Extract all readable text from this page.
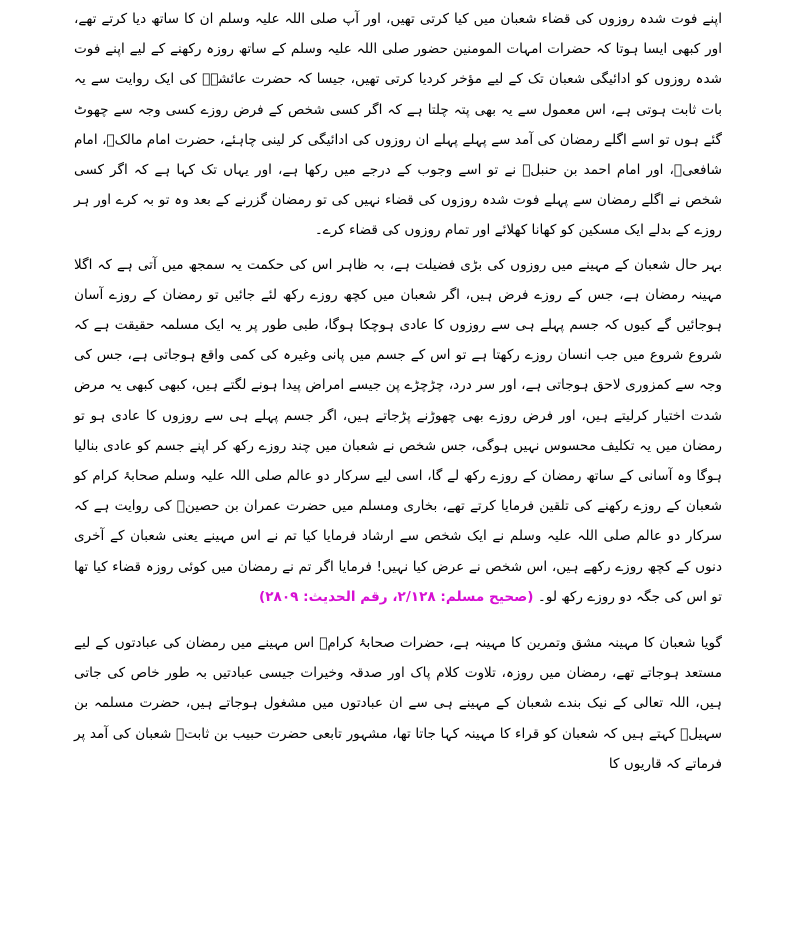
اپنے فوت شدہ روزوں کی قضاء شعبان میں کیا کرتی تھیں، اور آپ صلی اللہ علیہ وسلم ان کا ساتھ دیا کرتے تھے، اور کبھی ایسا ہوتا کہ حضرات امہات المومنین حضور صلی اللہ علیہ وسلم کے ساتھ روزہ رکھنے کے لیے اپنے فوت شدہ روزوں کو ادائیگی شعبان تک کے لیے مؤخر کردیا کرتی تھیں، جیسا کہ حضرت عائشہؓ کی ایک روایت سے یہ بات ثابت ہوتی ہے، اس معمول سے یہ بھی پتہ چلتا ہے کہ اگر کسی شخص کے فرض روزے کسی وجہ سے چھوٹ گئے ہوں تو اسے اگلے رمضان کی آمد سے پہلے پہلے ان روزوں کی ادائیگی کر لینی چاہئے، حضرت امام مالکؒ، امام شافعیؒ، اور امام احمد بن حنبلؒ نے تو اسے وجوب کے درجے میں رکھا ہے، اور یہاں تک کہا ہے کہ اگر کسی شخص نے اگلے رمضان سے پہلے فوت شدہ روزوں کی قضاء نہیں کی تو رمضان گزرنے کے بعد وہ تو بہ کرے اور ہر روزے کے بدلے ایک مسکین کو کھانا کھلائے اور تمام روزوں کی قضاء کرے۔

بہر حال شعبان کے مہینے میں روزوں کی بڑی فضیلت ہے، بہ ظاہر اس کی حکمت یہ سمجھ میں آتی ہے کہ اگلا مہینہ رمضان ہے، جس کے روزے فرض ہیں، اگر شعبان میں کچھ روزے رکھ لئے جائیں تو رمضان کے روزے آسان ہوجائیں گے کیوں کہ جسم پہلے ہی سے روزوں کا عادی ہوچکا ہوگا، طبی طور پر یہ ایک مسلمہ حقیقت ہے کہ شروع شروع میں جب انسان روزے رکھتا ہے تو اس کے جسم میں پانی وغیرہ کی کمی واقع ہوجاتی ہے، جس کی وجہ سے کمزوری لاحق ہوجاتی ہے، اور سر درد، چڑچڑے پن جیسے امراض پیدا ہونے لگتے ہیں، کبھی کبھی یہ مرض شدت اختیار کرلیتے ہیں، اور فرض روزے بھی چھوڑنے پڑجاتے ہیں، اگر جسم پہلے ہی سے روزوں کا عادی ہو تو رمضان میں یہ تکلیف محسوس نہیں ہوگی، جس شخص نے شعبان میں چند روزے رکھ کر اپنے جسم کو عادی بنالیا ہوگا وہ آسانی کے ساتھ رمضان کے روزے رکھ لے گا، اسی لیے سرکار دو عالم صلی اللہ علیہ وسلم صحابۂ کرام کو شعبان کے روزے رکھنے کی تلقین فرمایا کرتے تھے، بخاری ومسلم میں حضرت عمران بن حصینؓ کی روایت ہے کہ سرکار دو عالم صلی اللہ علیہ وسلم نے ایک شخص سے ارشاد فرمایا کیا تم نے اس مہینے یعنی شعبان کے آخری دنوں کے کچھ روزے رکھے ہیں، اس شخص نے عرض کیا نہیں! فرمایا اگر تم نے رمضان میں کوئی روزہ قضاء کیا تھا تو اس کی جگہ دو روزے رکھ لو۔ (صحیح مسلم: ۲/۱۲۸، رقم الحدیث: ۲۸۰۹)

گویا شعبان کا مہینہ مشق وتمرین کا مہینہ ہے، حضرات صحابۂ کرامؓ اس مہینے میں رمضان کی عبادتوں کے لیے مستعد ہوجاتے تھے، رمضان میں روزہ، تلاوت کلام پاک اور صدقہ وخیرات جیسی عبادتیں بہ طور خاص کی جاتی ہیں، اللہ تعالی کے نیک بندے شعبان کے مہینے ہی سے ان عبادتوں میں مشغول ہوجاتے ہیں، حضرت مسلمہ بن سہیلؒ کہتے ہیں کہ شعبان کو قراء کا مہینہ کہا جاتا تھا، مشہور تابعی حضرت حبیب بن ثابتؒ شعبان کی آمد پر فرماتے کہ قاریوں کا
